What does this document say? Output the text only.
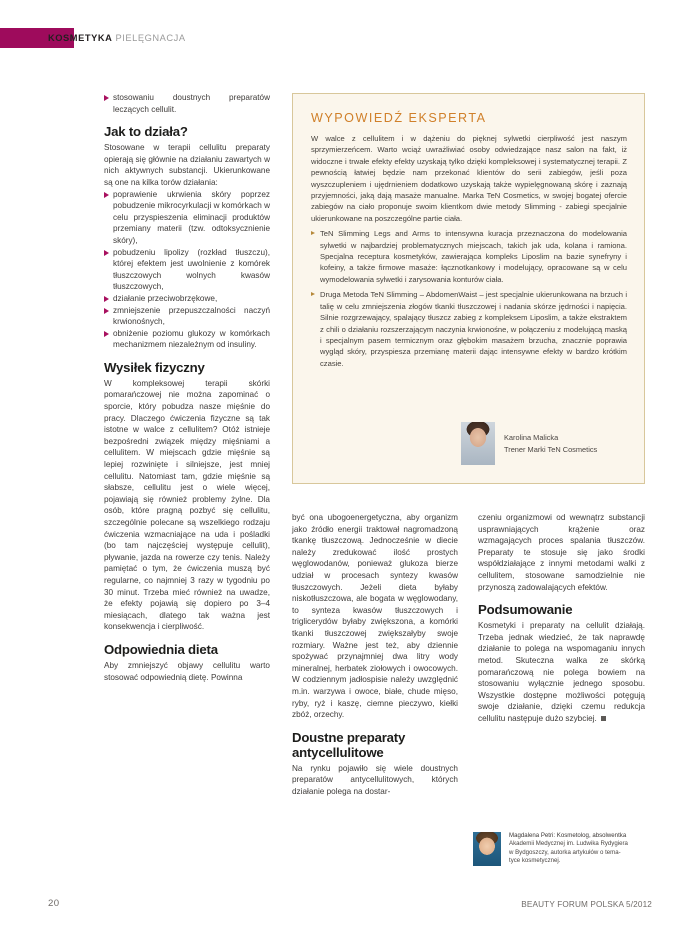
KOSMETYKA PIELĘGNACJA

stosowaniu doustnych preparatów leczących cellulit.

Jak to działa?

Stosowane w terapii cellulitu preparaty opierają się głównie na działaniu zawartych w nich aktywnych substancji. Ukierunkowane są one na kilka torów działania:

poprawienie ukrwienia skóry poprzez pobudzenie mikrocyrkulacji w komórkach w celu przyspieszenia eliminacji produktów przemiany materii (tzw. odtoksycznienie skóry),

pobudzeniu lipolizy (rozkład tłuszczu), której efektem jest uwolnienie z komórek tłuszczowych wolnych kwasów tłuszczowych,

działanie przeciwobrzękowe,

zmniejszenie przepuszczalności naczyń krwionośnych,

obniżenie poziomu glukozy w komórkach mechanizmem niezależnym od insuliny.

Wysiłek fizyczny

W kompleksowej terapii skórki pomarańczowej nie można zapominać o sporcie, który pobudza nasze mięśnie do pracy. Dlaczego ćwiczenia fizyczne są tak istotne w walce z cellulitem? Otóż istnieje bezpośredni związek między mięśniami a cellulitem. W miejscach gdzie mięśnie są lepiej rozwinięte i silniejsze, jest mniej cellulitu. Natomiast tam, gdzie mięśnie są słabsze, cellulitu jest o wiele więcej, pojawiają się również problemy żylne. Dla osób, które pragną pozbyć się cellulitu, szczególnie polecane są wszelkiego rodzaju ćwiczenia wzmacniające na uda i pośladki (bo tam najczęściej występuje cellulit), pływanie, jazda na rowerze czy tenis. Należy pamiętać o tym, że ćwiczenia muszą być regularne, co najmniej 3 razy w tygodniu po 30 minut. Trzeba mieć również na uwadze, że efekty pojawią się dopiero po 3–4 miesiącach, dlatego tak ważna jest konsekwencja i cierpliwość.

Odpowiednia dieta

Aby zmniejszyć objawy cellulitu warto stosować odpowiednią dietę. Powinna

WYPOWIEDŹ EKSPERTA

W walce z cellulitem i w dążeniu do pięknej sylwetki cierpliwość jest naszym sprzymierzeńcem. Warto wciąż uwrażliwiać osoby odwiedzające nasz salon na fakt, iż widoczne i trwałe efekty efekty uzyskają tylko dzięki kompleksowej i systematycznej terapii. Z pewnością łatwiej będzie nam przekonać klientów do serii zabiegów, jeśli poza wyszczupleniem i ujędrnieniem dodatkowo uzyskają także wypielęgnowaną skórę i zaznają przyjemności, jaką dają masaże manualne. Marka TeN Cosmetics, w swojej bogatej ofercie zabiegów na ciało proponuje swoim klientkom dwie metody Slimming - zabiegi specjalnie ukierunkowane na poszczególne partie ciała.

TeN Slimming Legs and Arms to intensywna kuracja przeznaczona do modelowania sylwetki w najbardziej problematycznych miejscach, takich jak uda, kolana i ramiona. Specjalna receptura kosmetyków, zawierająca kompleks Liposlim na bazie synefryny i kofeiny, a także firmowe masaże: łącznotkankowy i modelujący, opracowane są w celu wymodelowania sylwetki i zarysowania konturów ciała.

Druga Metoda TeN Slimming – AbdomenWaist – jest specjalnie ukierunkowana na brzuch i talię w celu zmniejszenia złogów tkanki tłuszczowej i nadania skórze jędrności i napięcia. Silnie rozgrzewający, spalający tłuszcz zabieg z kompleksem Liposlim, a także ekstraktem z chili o działaniu rozszerzającym naczynia krwionośne, w połączeniu z modelującą maską i specjalnym pasem termicznym oraz głębokim masażem brzucha, znacznie poprawia wygląd skóry, przyspiesza przemianę materii dając intensywne efekty w bardzo krótkim czasie.

Karolina Malicka
Trener Marki TeN Cosmetics

być ona ubogoenergetyczna, aby organizm jako źródło energii traktował nagromadzoną tkankę tłuszczową. Jednocześnie w diecie należy zredukować ilość prostych węglowodanów, ponieważ glukoza bierze udział w procesach syntezy kwasów tłuszczowych. Jeżeli dieta byłaby niskotłuszczowa, ale bogata w węglowodany, to synteza kwasów tłuszczowych i triglicerydów byłaby zwiększona, a komórki tkanki tłuszczowej zwiększałyby swoje rozmiary. Ważne jest też, aby dziennie spożywać przynajmniej dwa litry wody mineralnej, herbatek ziołowych i owocowych. W codziennym jadłospisie należy uwzględnić m.in. warzywa i owoce, białe, chude mięso, ryby, ryż i kaszę, ciemne pieczywo, kiełki zbóż, orzechy.

Doustne preparaty antycellulitowe

Na rynku pojawiło się wiele doustnych preparatów antycellulitowych, których działanie polega na dostar-

czeniu organizmowi od wewnątrz substancji usprawniających krążenie oraz wzmagających proces spalania tłuszczów. Preparaty te stosuje się jako środki współdziałające z innymi metodami walki z cellulitem, stosowane samodzielnie nie przynoszą zadowalających efektów.

Podsumowanie

Kosmetyki i preparaty na cellulit działają. Trzeba jednak wiedzieć, że tak naprawdę działanie to polega na wspomaganiu innych metod. Skuteczna walka ze skórką pomarańczową nie polega bowiem na stosowaniu wyłącznie jednego sposobu. Wszystkie dostępne możliwości potęgują swoje działanie, dzięki czemu redukcja cellulitu następuje dużo szybciej.

Magdalena Petri: Kosmetolog, absolwentka
Akademii Medycznej im. Ludwika Rydygiera
w Bydgoszczy, autorka artykułów o tema-
tyce kosmetycznej.
20	BEAUTY FORUM POLSKA 5/2012
